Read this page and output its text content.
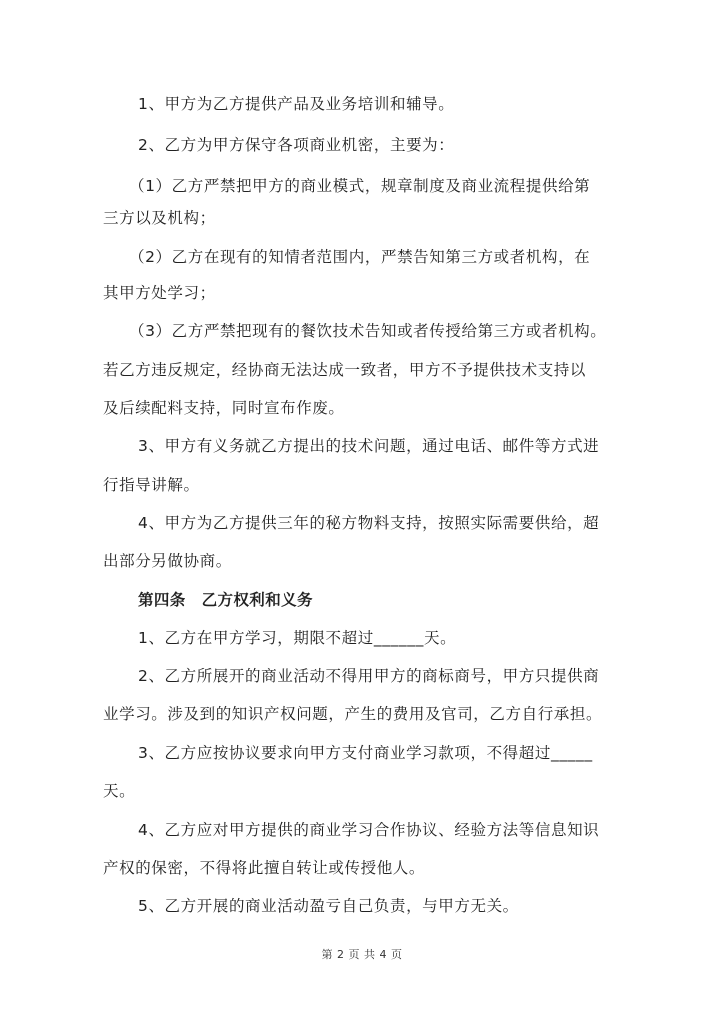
1、甲方为乙方提供产品及业务培训和辅导。
2、乙方为甲方保守各项商业机密，主要为：
（1）乙方严禁把甲方的商业模式，规章制度及商业流程提供给第
三方以及机构；
（2）乙方在现有的知情者范围内，严禁告知第三方或者机构，在
其甲方处学习；
（3）乙方严禁把现有的餐饮技术告知或者传授给第三方或者机构。
若乙方违反规定，经协商无法达成一致者，甲方不予提供技术支持以
及后续配料支持，同时宣布作废。
3、甲方有义务就乙方提出的技术问题，通过电话、邮件等方式进
行指导讲解。
4、甲方为乙方提供三年的秘方物料支持，按照实际需要供给，超
出部分另做协商。
第四条　乙方权利和义务
1、乙方在甲方学习，期限不超过______天。
2、乙方所展开的商业活动不得用甲方的商标商号，甲方只提供商
业学习。涉及到的知识产权问题，产生的费用及官司，乙方自行承担。
3、乙方应按协议要求向甲方支付商业学习款项，不得超过_____
天。
4、乙方应对甲方提供的商业学习合作协议、经验方法等信息知识
产权的保密，不得将此擅自转让或传授他人。
5、乙方开展的商业活动盈亏自己负责，与甲方无关。
第 2 页 共 4 页
